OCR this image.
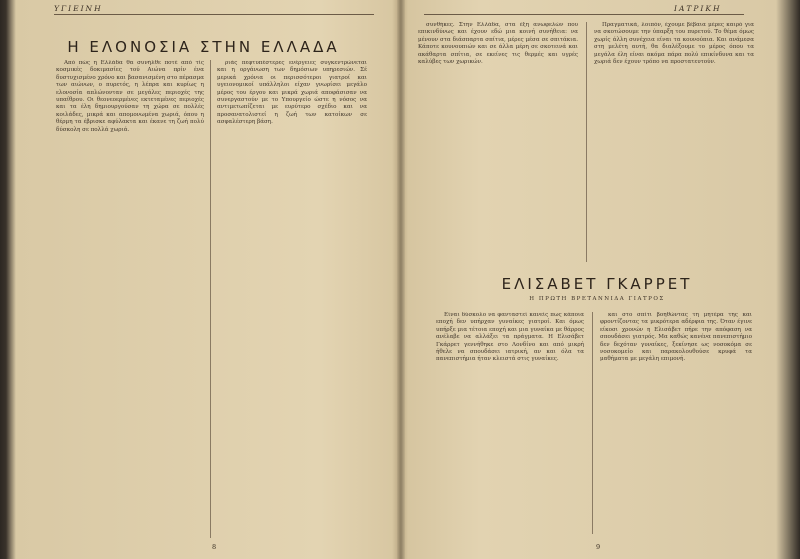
ΥΓΙΕΙΝΗ
Η ΕΛΟΝΟΣΙΑ ΣΤΗΝ ΕΛΛΑΔΑ

Από πώς η Ελλάδα θα συνήλθε ποτέ από τίς κοσμικές δοκιμασίες τού Αιώνα πρίν ένα δυστυχισμένο χρόνο και βασανισμένη στο πέρασμα των αιώνων, ο πυρετός, η λέπρα και κυρίως η ελονοσία απλώνονταν σε μεγάλες περιοχές της υπαίθρου. Οι θεονεοερμένες εκτεταμένες περιοχές και τα έλη δημιουργούσαν τη χώρα σε πολλές κοιλάδες, μικρά και απομονωμένα χωριά, όπου η θέρμη τα έβρισκε αφύλακτα και έκανε τη ζωή πολύ δύσκολη σε πολλά χωριά.

ριάς πεφτυπέστερες ενέργειες συγκεντρώνεται και η οργάνωση των δημόσιων υπηρεσιών. Σέ μερικά χρόνια οι περισσότεροι γιατροί και υγειονομικοί υπάλληλοι είχαν γνωρίσει μεγάλο μέρος του έργου και μικρά χωριά αποφάσισαν να συνεργαστούν με το Υπουργείο ώστε η νόσος να αντιμετωπίζεται με ευρύτερο σχέδιο και να προσανατολιστεί η ζωή των κατοίκων σε ασφαλέστερη βάση.

8
ΙΑΤΡΙΚΗ

συνθήκες. Στην Ελλάδα, στα έξη ανωφελών που επικινδύνως και έχουν εδώ μια κοινή συνήθεια: να μένουν στα διάσπαρτα σπίτια, μέρες μέσα σε σπιτάκια. Κάποτε κουνουπιών και σε άλλα μέρη σε σκοτεινά και ακάθαρτα σπίτια, σε εκείνες τις θερμές και υγρές καλύβες των χωρικών.

Πραγματικά, λοιπόν, έχουμε βέβαια μέρες καιρό για να σκοτώσουμε την ύπαρξη του πυρετού. Το θέμα όμως χωρίς άλλη συνέχεια είναι τα κουνούπια. Και ανάμεσα στη μελέτη αυτή, θα διαλέξουμε το μέρος όπου τα μεγάλα έλη είναι ακόμα πάρα πολύ επικίνδυνα και τα χωριά δεν έχουν τρόπο να προστατευτούν.

ΕΛΙΣΑΒΕΤ ΓΚΑΡΡΕΤ
Η ΠΡΩΤΗ ΒΡΕΤΑΝΝΙΔΑ ΓΙΑΤΡΟΣ

Είναι δύσκολο να φανταστεί κανείς πως κάποια εποχή δεν υπήρχαν γυναίκες γιατροί. Και όμως υπήρξε μια τέτοια εποχή και μια γυναίκα με θάρρος ανέλαβε να αλλάξει τα πράγματα. Η Ελισάβετ Γκάρρετ γεννήθηκε στο Λονδίνο και από μικρή ήθελε να σπουδάσει ιατρική, αν και όλα τα πανεπιστήμια ήταν κλειστά στις γυναίκες.

και στο σπίτι βοηθώντας τη μητέρα της και φροντίζοντας τα μικρότερα αδέρφια της. Όταν έγινε είκοσι χρονών η Ελισάβετ πήρε την απόφαση να σπουδάσει γιατρός. Μα καθώς κανένα πανεπιστήμιο δεν δεχόταν γυναίκες, ξεκίνησε ως νοσοκόμα σε νοσοκομείο και παρακολουθούσε κρυφά τα μαθήματα με μεγάλη επιμονή.

9
